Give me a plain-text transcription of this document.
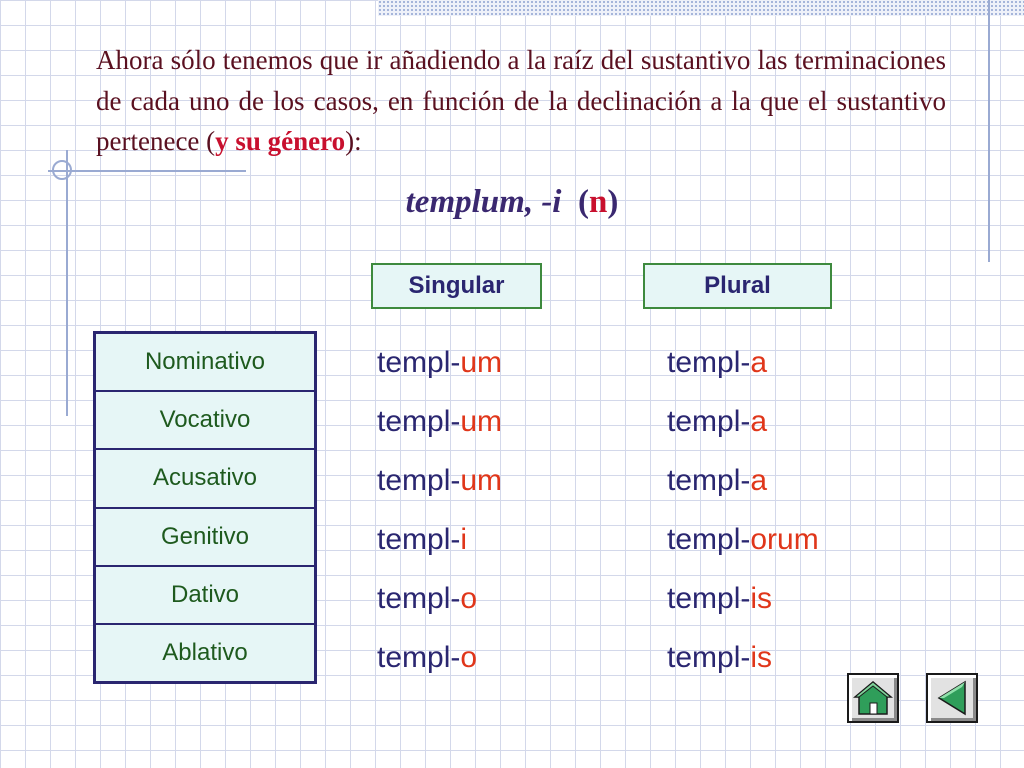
Ahora sólo tenemos que ir añadiendo a la raíz del sustantivo las terminaciones de cada uno de los casos, en función de la declinación a la que el sustantivo pertenece (y su género):

templum, -i (n)
Singular	Plural
Nominativo
Vocativo
Acusativo
Genitivo
Dativo
Ablativo
templ- um
templ- um
templ- um
templ- i
templ- o
templ- o
templ- a
templ- a
templ- a
templ- orum
templ- is
templ- is
